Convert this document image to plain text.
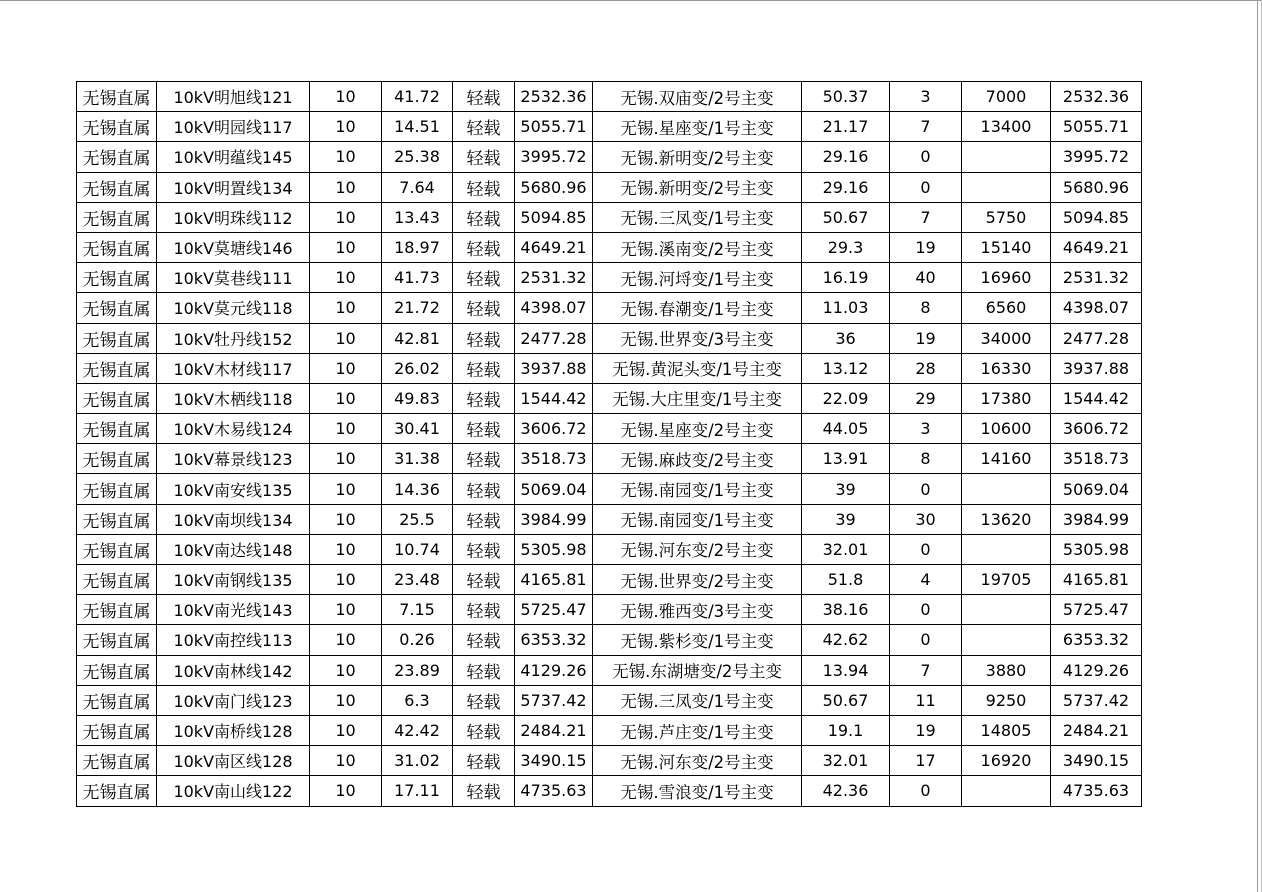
无锡直属	10kV明旭线121	10	41.72	轻载	2532.36	无锡.双庙变/2号主变	50.37	3	7000	2532.36
无锡直属	10kV明园线117	10	14.51	轻载	5055.71	无锡.星座变/1号主变	21.17	7	13400	5055.71
无锡直属	10kV明蕴线145	10	25.38	轻载	3995.72	无锡.新明变/2号主变	29.16	0		3995.72
无锡直属	10kV明置线134	10	7.64	轻载	5680.96	无锡.新明变/2号主变	29.16	0		5680.96
无锡直属	10kV明珠线112	10	13.43	轻载	5094.85	无锡.三凤变/1号主变	50.67	7	5750	5094.85
无锡直属	10kV莫塘线146	10	18.97	轻载	4649.21	无锡.溪南变/2号主变	29.3	19	15140	4649.21
无锡直属	10kV莫巷线111	10	41.73	轻载	2531.32	无锡.河埒变/1号主变	16.19	40	16960	2531.32
无锡直属	10kV莫元线118	10	21.72	轻载	4398.07	无锡.春潮变/1号主变	11.03	8	6560	4398.07
无锡直属	10kV牡丹线152	10	42.81	轻载	2477.28	无锡.世界变/3号主变	36	19	34000	2477.28
无锡直属	10kV木材线117	10	26.02	轻载	3937.88	无锡.黄泥头变/1号主变	13.12	28	16330	3937.88
无锡直属	10kV木栖线118	10	49.83	轻载	1544.42	无锡.大庄里变/1号主变	22.09	29	17380	1544.42
无锡直属	10kV木易线124	10	30.41	轻载	3606.72	无锡.星座变/2号主变	44.05	3	10600	3606.72
无锡直属	10kV幕景线123	10	31.38	轻载	3518.73	无锡.麻歧变/2号主变	13.91	8	14160	3518.73
无锡直属	10kV南安线135	10	14.36	轻载	5069.04	无锡.南园变/1号主变	39	0		5069.04
无锡直属	10kV南坝线134	10	25.5	轻载	3984.99	无锡.南园变/1号主变	39	30	13620	3984.99
无锡直属	10kV南达线148	10	10.74	轻载	5305.98	无锡.河东变/2号主变	32.01	0		5305.98
无锡直属	10kV南钢线135	10	23.48	轻载	4165.81	无锡.世界变/2号主变	51.8	4	19705	4165.81
无锡直属	10kV南光线143	10	7.15	轻载	5725.47	无锡.雅西变/3号主变	38.16	0		5725.47
无锡直属	10kV南控线113	10	0.26	轻载	6353.32	无锡.紫杉变/1号主变	42.62	0		6353.32
无锡直属	10kV南林线142	10	23.89	轻载	4129.26	无锡.东湖塘变/2号主变	13.94	7	3880	4129.26
无锡直属	10kV南门线123	10	6.3	轻载	5737.42	无锡.三凤变/1号主变	50.67	11	9250	5737.42
无锡直属	10kV南桥线128	10	42.42	轻载	2484.21	无锡.芦庄变/1号主变	19.1	19	14805	2484.21
无锡直属	10kV南区线128	10	31.02	轻载	3490.15	无锡.河东变/2号主变	32.01	17	16920	3490.15
无锡直属	10kV南山线122	10	17.11	轻载	4735.63	无锡.雪浪变/1号主变	42.36	0		4735.63
